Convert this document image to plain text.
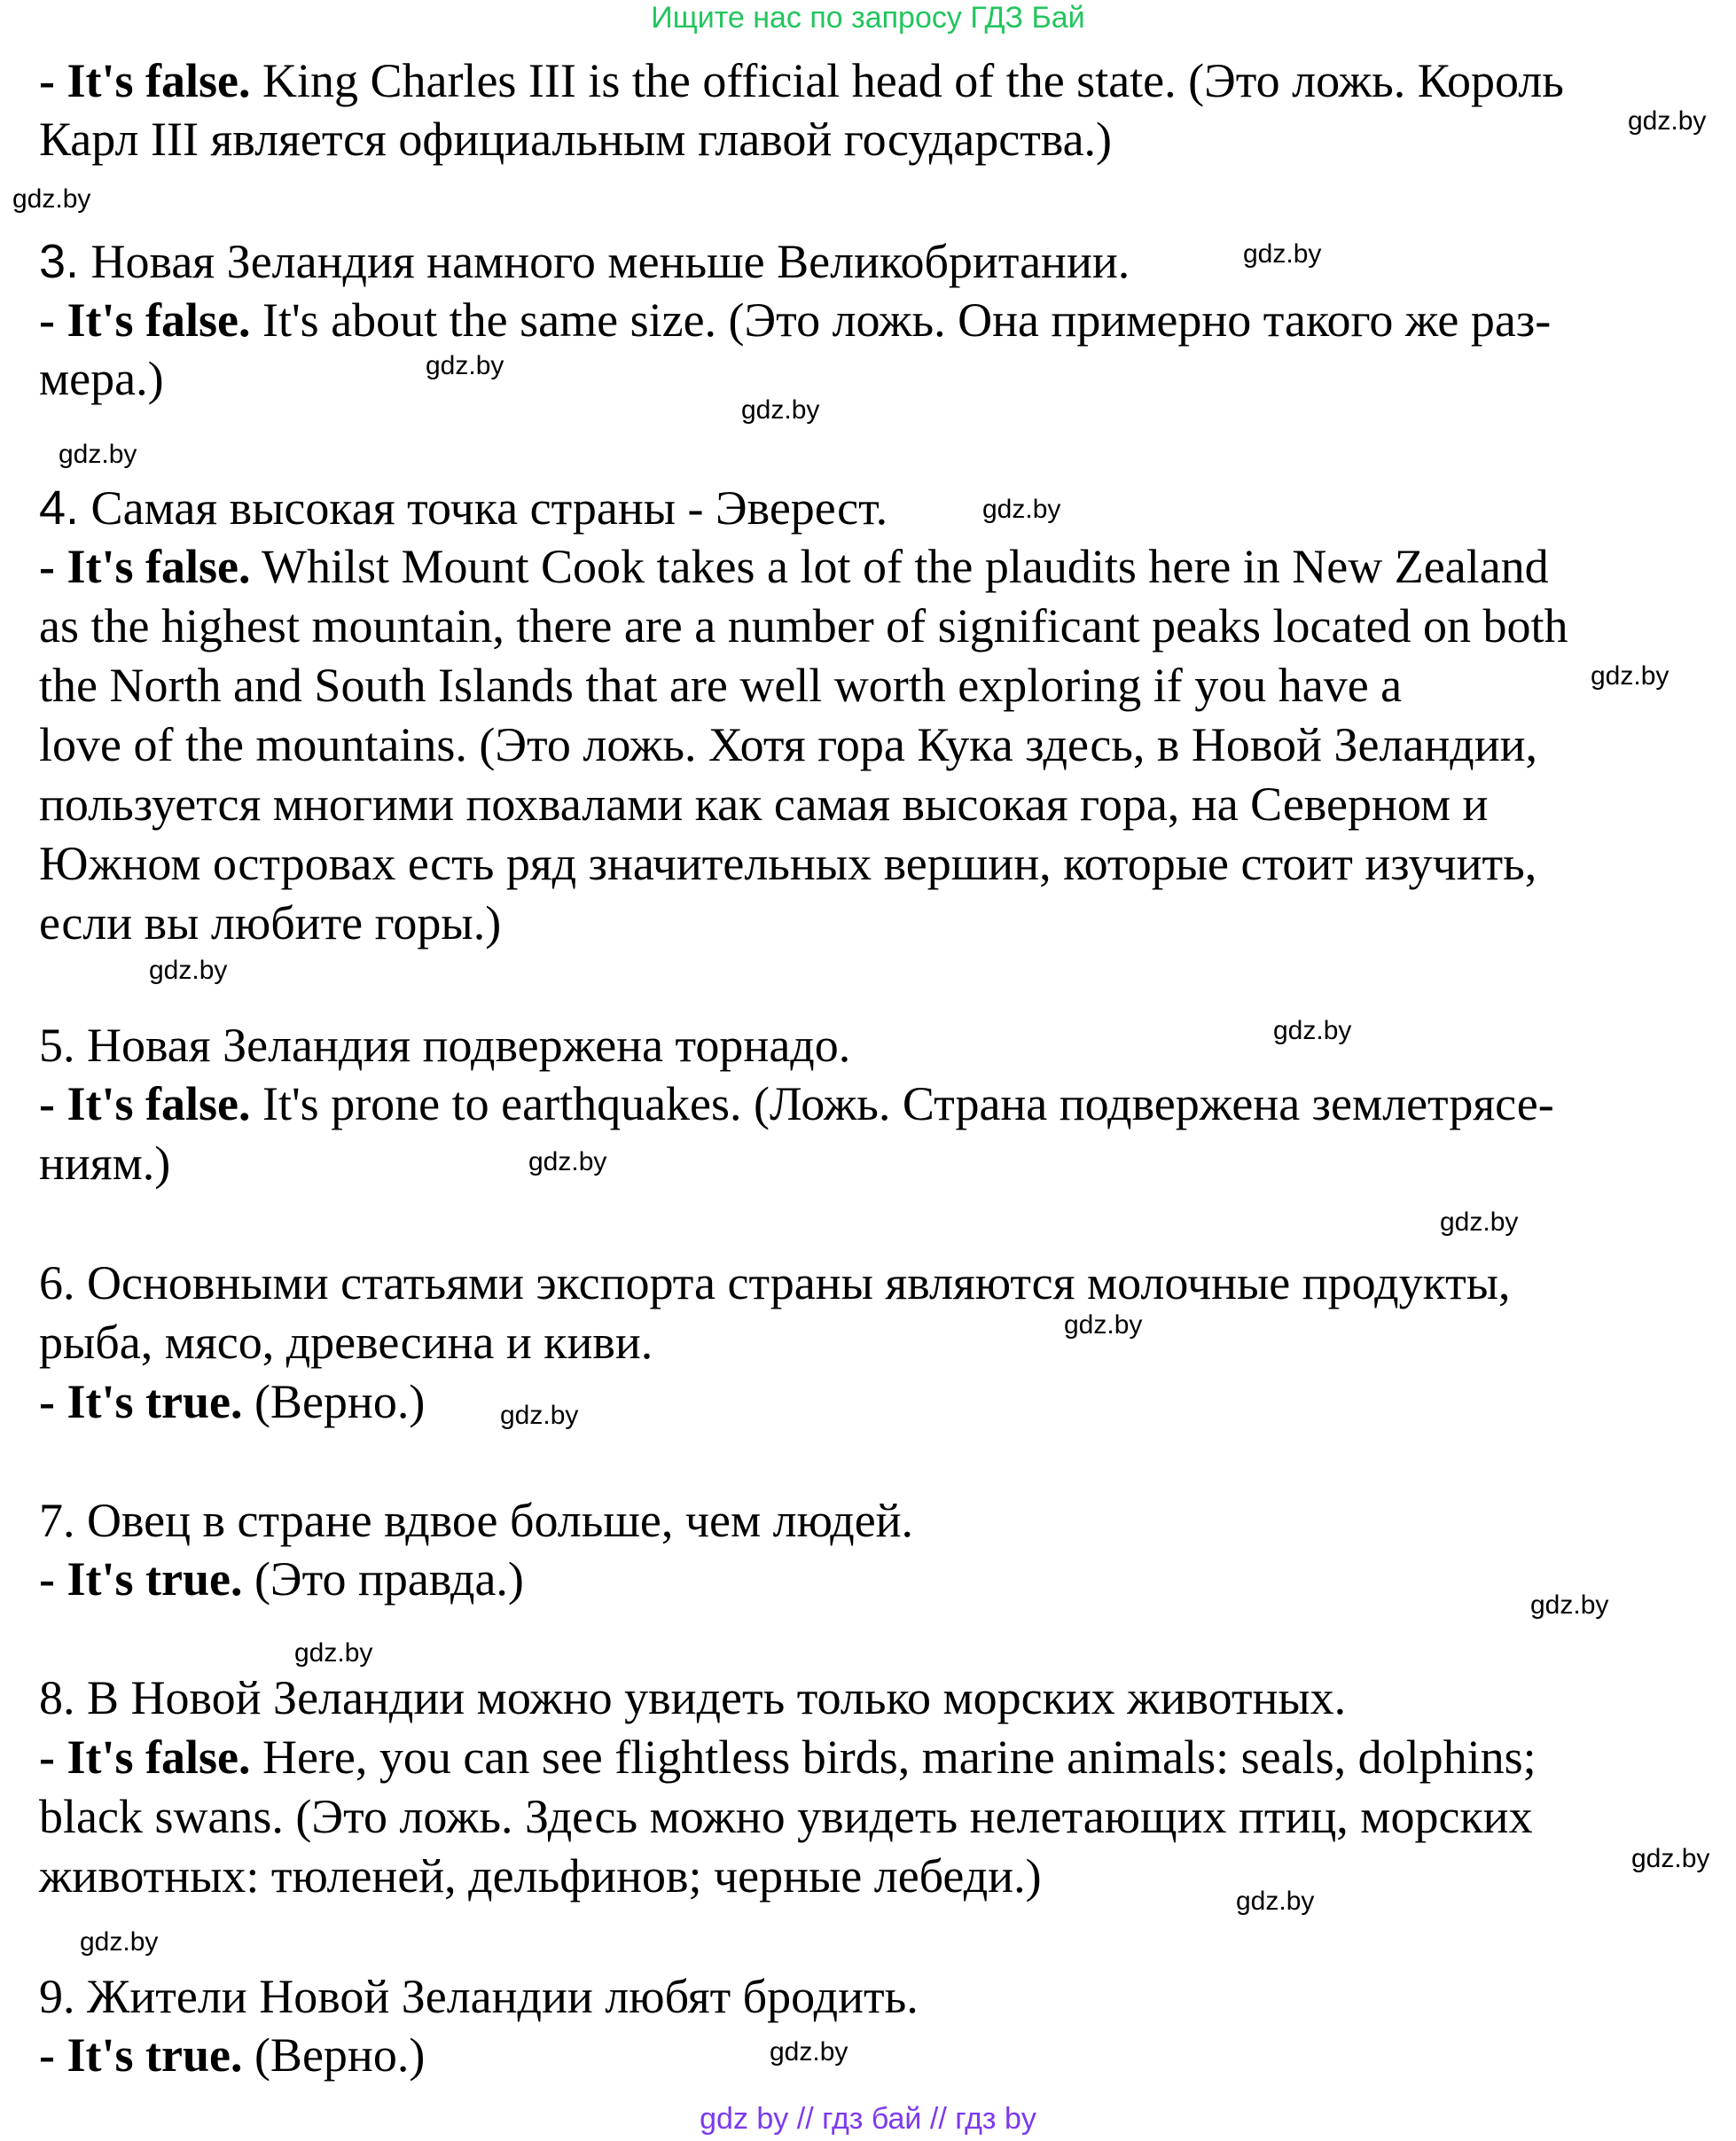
Ищите нас по запросу ГДЗ Бай
- It's false. King Charles III is the official head of the state. (Это ложь. Король
Карл III является официальным главой государства.)
3. Новая Зеландия намного меньше Великобритании.
- It's false. It's about the same size. (Это ложь. Она примерно такого же раз-
мера.)
4. Самая высокая точка страны - Эверест.
- It's false. Whilst Mount Cook takes a lot of the plaudits here in New Zealand
as the highest mountain, there are a number of significant peaks located on both
the North and South Islands that are well worth exploring if you have a
love of the mountains. (Это ложь. Хотя гора Кука здесь, в Новой Зеландии,
пользуется многими похвалами как самая высокая гора, на Северном и
Южном островах есть ряд значительных вершин, которые стоит изучить,
если вы любите горы.)
5. Новая Зеландия подвержена торнадо.
- It's false. It's prone to earthquakes. (Ложь. Страна подвержена землетрясе-
ниям.)
6. Основными статьями экспорта страны являются молочные продукты,
рыба, мясо, древесина и киви.
- It's true. (Верно.)
7. Овец в стране вдвое больше, чем людей.
- It's true. (Это правда.)
8. В Новой Зеландии можно увидеть только морских животных.
- It's false. Here, you can see flightless birds, marine animals: seals, dolphins;
black swans. (Это ложь. Здесь можно увидеть нелетающих птиц, морских
животных: тюленей, дельфинов; черные лебеди.)
9. Жители Новой Зеландии любят бродить.
- It's true. (Верно.)
gdz.by
gdz.by
gdz.by
gdz.by
gdz.by
gdz.by
gdz.by
gdz.by
gdz.by
gdz.by
gdz.by
gdz.by
gdz.by
gdz.by
gdz.by
gdz.by
gdz.by
gdz.by
gdz.by
gdz.by
gdz by // гдз бай // гдз by
